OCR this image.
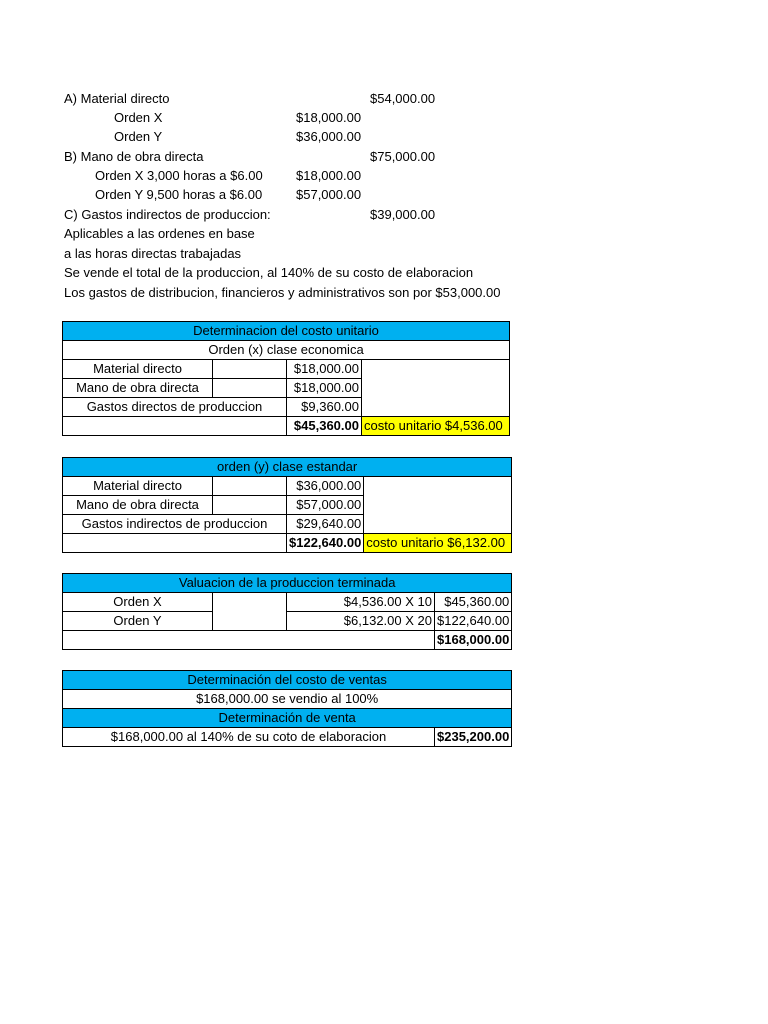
A) Material directo	$54,000.00
Orden X	$18,000.00
Orden Y	$36,000.00
B) Mano de obra directa	$75,000.00
Orden X 3,000 horas a $6.00	$18,000.00
Orden Y 9,500 horas a $6.00	$57,000.00
C) Gastos indirectos de produccion:	$39,000.00
Aplicables a las ordenes en base
a las horas directas trabajadas
Se vende el total de la produccion, al 140% de su costo de elaboracion
Los gastos de distribucion, financieros y administrativos son por $53,000.00
Determinacion del costo unitario			
Orden (x) clase economica			
Material directo		$18,000.00	
Mano de obra directa		$18,000.00	
Gastos directos de produccion		$9,360.00	
		$45,360.00	costo unitario $4,536.00
orden (y) clase estandar			
Material directo		$36,000.00	
Mano de obra directa		$57,000.00	
Gastos indirectos de produccion		$29,640.00	
		$122,640.00	costo unitario $6,132.00
Valuacion de la produccion terminada			
Orden X		$4,536.00 X 10	$45,360.00
Orden Y		$6,132.00 X 20	$122,640.00
			$168,000.00
Determinación del costo de ventas
$168,000.00 se vendio al 100%
Determinación de venta
$168,000.00 al 140% de su coto de elaboracion	$235,200.00
